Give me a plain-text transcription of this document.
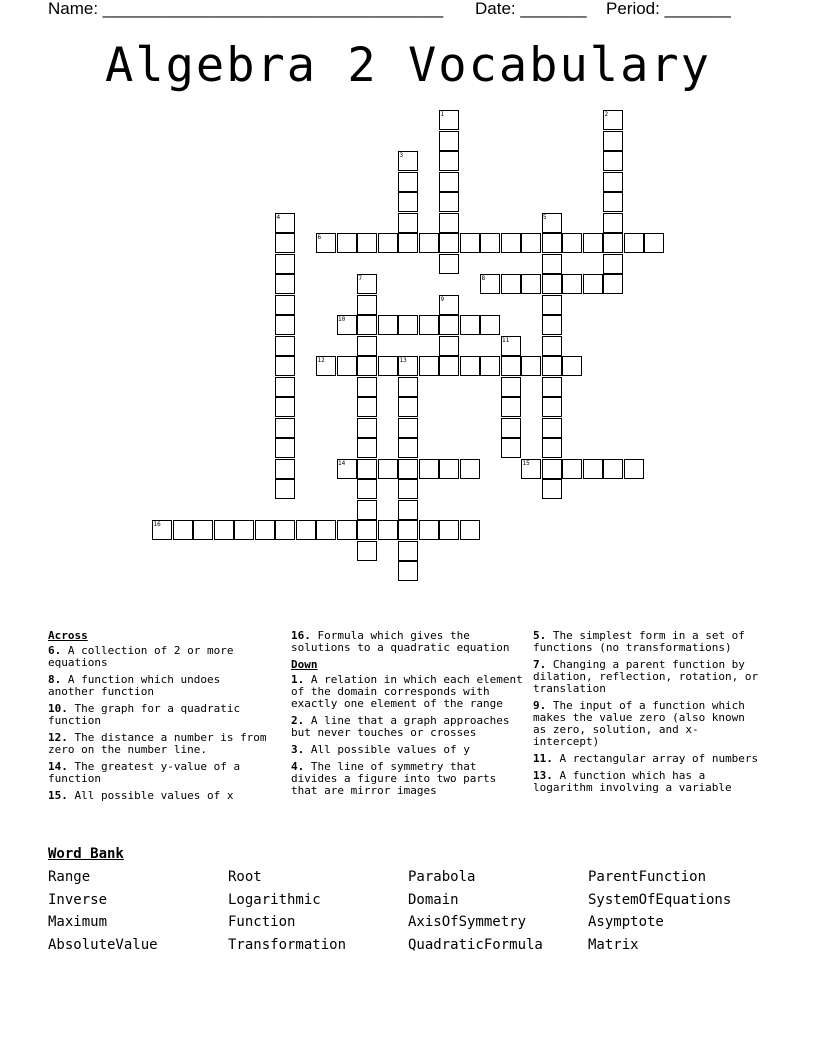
Name: ____________________________________ Date: _______ Period: _______
Algebra 2 Vocabulary
6
8
10
12
14	15
16
1	2
3
4	5
7
9
11
13
Across
6. A collection of 2 or more equations
8. A function which undoes another function
10. The graph for a quadratic function
12. The distance a number is from zero on the number line.
14. The greatest y-value of a function
15. All possible values of x
16. Formula which gives the solutions to a quadratic equation
Down
1. A relation in which each element of the domain corresponds with exactly one element of the range
2. A line that a graph approaches but never touches or crosses
3. All possible values of y
4. The line of symmetry that divides a figure into two parts that are mirror images
5. The simplest form in a set of functions (no transformations)
7. Changing a parent function by dilation, reflection, rotation, or translation
9. The input of a function which makes the value zero (also known as zero, solution, and x-intercept)
11. A rectangular array of numbers
13. A function which has a logarithm involving a variable
Word Bank
Range
Inverse
Maximum
AbsoluteValue
Root
Logarithmic
Function
Transformation
Parabola
Domain
AxisOfSymmetry
QuadraticFormula
ParentFunction
SystemOfEquations
Asymptote
Matrix
